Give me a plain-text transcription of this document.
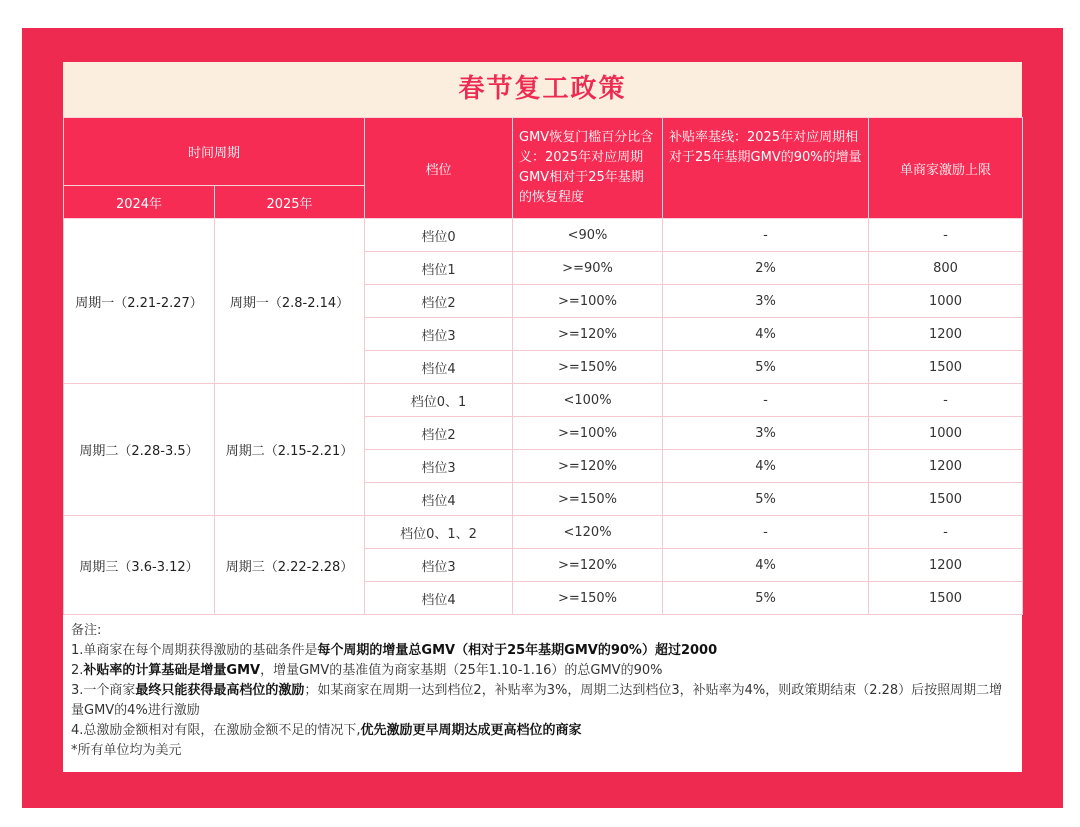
春节复工政策
时间周期		档位	GMV恢复门槛百分比含义：2025年对应周期GMV相对于25年基期的恢复程度	补贴率基线：2025年对应周期相对于25年基期GMV的90%的增量	单商家激励上限
2024年	2025年				
周期一（2.21-2.27）	周期一（2.8-2.14）	档位0	<90%	-	-
		档位1	>=90%	2%	800
		档位2	>=100%	3%	1000
		档位3	>=120%	4%	1200
		档位4	>=150%	5%	1500
周期二（2.28-3.5）	周期二（2.15-2.21）	档位0、1	<100%	-	-
		档位2	>=100%	3%	1000
		档位3	>=120%	4%	1200
		档位4	>=150%	5%	1500
周期三（3.6-3.12）	周期三（2.22-2.28）	档位0、1、2	<120%	-	-
		档位3	>=120%	4%	1200
		档位4	>=150%	5%	1500
备注:
1.单商家在每个周期获得激励的基础条件是每个周期的增量总GMV（相对于25年基期GMV的90%）超过2000
2.补贴率的计算基础是增量GMV，增量GMV的基准值为商家基期（25年1.10-1.16）的总GMV的90%
3.一个商家最终只能获得最高档位的激励；如某商家在周期一达到档位2，补贴率为3%，周期二达到档位3，补贴率为4%，则政策期结束（2.28）后按照周期二增量GMV的4%进行激励
4.总激励金额相对有限，在激励金额不足的情况下,优先激励更早周期达成更高档位的商家
*所有单位均为美元
